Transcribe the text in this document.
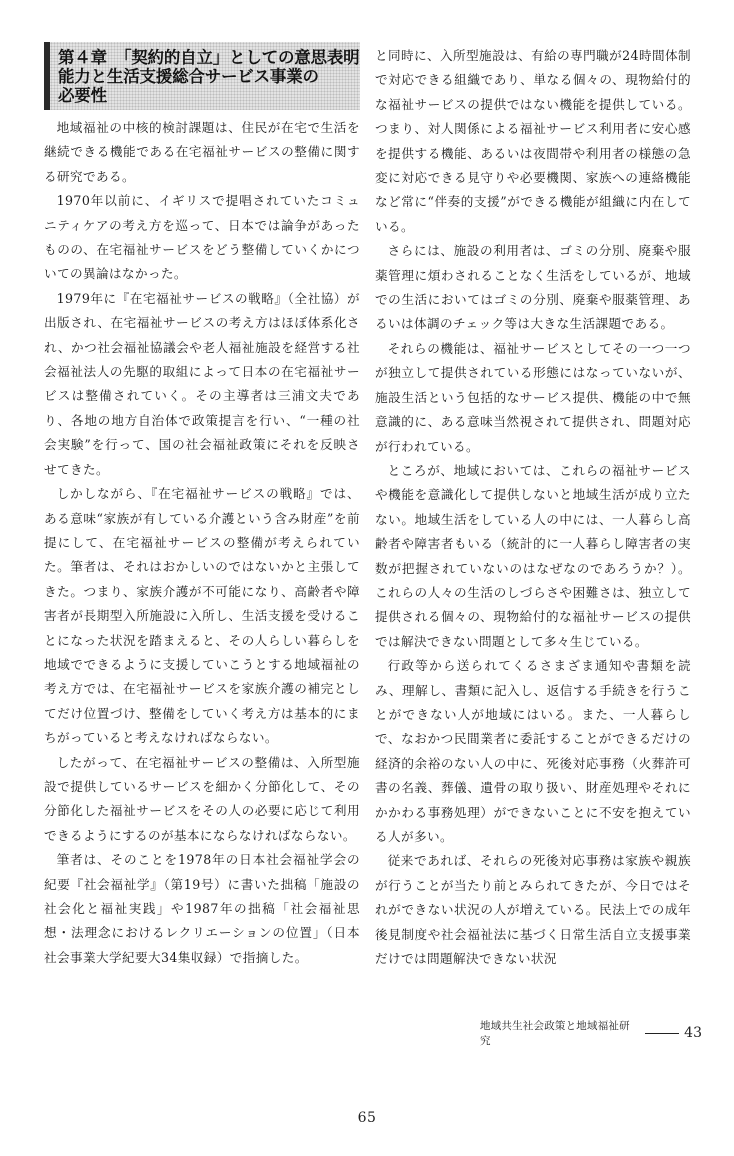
第４章　「契約的自立」としての意思表明
能力と生活支援総合サービス事業の
必要性

地域福祉の中核的検討課題は、住民が在宅で生活を継続できる機能である在宅福祉サービスの整備に関する研究である。

1970年以前に、イギリスで提唱されていたコミュニティケアの考え方を巡って、日本では論争があったものの、在宅福祉サービスをどう整備していくかについての異論はなかった。

1979年に『在宅福祉サービスの戦略』（全社協）が出版され、在宅福祉サービスの考え方はほぼ体系化され、かつ社会福祉協議会や老人福祉施設を経営する社会福祉法人の先駆的取組によって日本の在宅福祉サービスは整備されていく。その主導者は三浦文夫であり、各地の地方自治体で政策提言を行い、“一種の社会実験”を行って、国の社会福祉政策にそれを反映させてきた。

しかしながら、『在宅福祉サービスの戦略』では、ある意味“家族が有している介護という含み財産”を前提にして、在宅福祉サービスの整備が考えられていた。筆者は、それはおかしいのではないかと主張してきた。つまり、家族介護が不可能になり、高齢者や障害者が長期型入所施設に入所し、生活支援を受けることになった状況を踏まえると、その人らしい暮らしを地域でできるように支援していこうとする地域福祉の考え方では、在宅福祉サービスを家族介護の補完としてだけ位置づけ、整備をしていく考え方は基本的にまちがっていると考えなければならない。

したがって、在宅福祉サービスの整備は、入所型施設で提供しているサービスを細かく分節化して、その分節化した福祉サービスをその人の必要に応じて利用できるようにするのが基本にならなければならない。

筆者は、そのことを1978年の日本社会福祉学会の紀要『社会福祉学』（第19号）に書いた拙稿「施設の社会化と福祉実践」や1987年の拙稿「社会福祉思想・法理念におけるレクリエーションの位置」（日本社会事業大学紀要大34集収録）で指摘した。

と同時に、入所型施設は、有給の専門職が24時間体制で対応できる組織であり、単なる個々の、現物給付的な福祉サービスの提供ではない機能を提供している。つまり、対人関係による福祉サービス利用者に安心感を提供する機能、あるいは夜間帯や利用者の様態の急変に対応できる見守りや必要機関、家族への連絡機能など常に“伴奏的支援”ができる機能が組織に内在している。

さらには、施設の利用者は、ゴミの分別、廃棄や服薬管理に煩わされることなく生活をしているが、地域での生活においてはゴミの分別、廃棄や服薬管理、あるいは体調のチェック等は大きな生活課題である。

それらの機能は、福祉サービスとしてその一つ一つが独立して提供されている形態にはなっていないが、施設生活という包括的なサービス提供、機能の中で無意識的に、ある意味当然視されて提供され、問題対応が行われている。

ところが、地域においては、これらの福祉サービスや機能を意識化して提供しないと地域生活が成り立たない。地域生活をしている人の中には、一人暮らし高齢者や障害者もいる（統計的に一人暮らし障害者の実数が把握されていないのはなぜなのであろうか？）。これらの人々の生活のしづらさや困難さは、独立して提供される個々の、現物給付的な福祉サービスの提供では解決できない問題として多々生じている。

行政等から送られてくるさまざま通知や書類を読み、理解し、書類に記入し、返信する手続きを行うことができない人が地域にはいる。また、一人暮らしで、なおかつ民間業者に委託することができるだけの経済的余裕のない人の中に、死後対応事務（火葬許可書の名義、葬儀、遺骨の取り扱い、財産処理やそれにかかわる事務処理）ができないことに不安を抱えている人が多い。

従来であれば、それらの死後対応事務は家族や親族が行うことが当たり前とみられてきたが、今日ではそれができない状況の人が増えている。民法上での成年後見制度や社会福祉法に基づく日常生活自立支援事業だけでは問題解決できない状況

地域共生社会政策と地域福祉研究	43
65
